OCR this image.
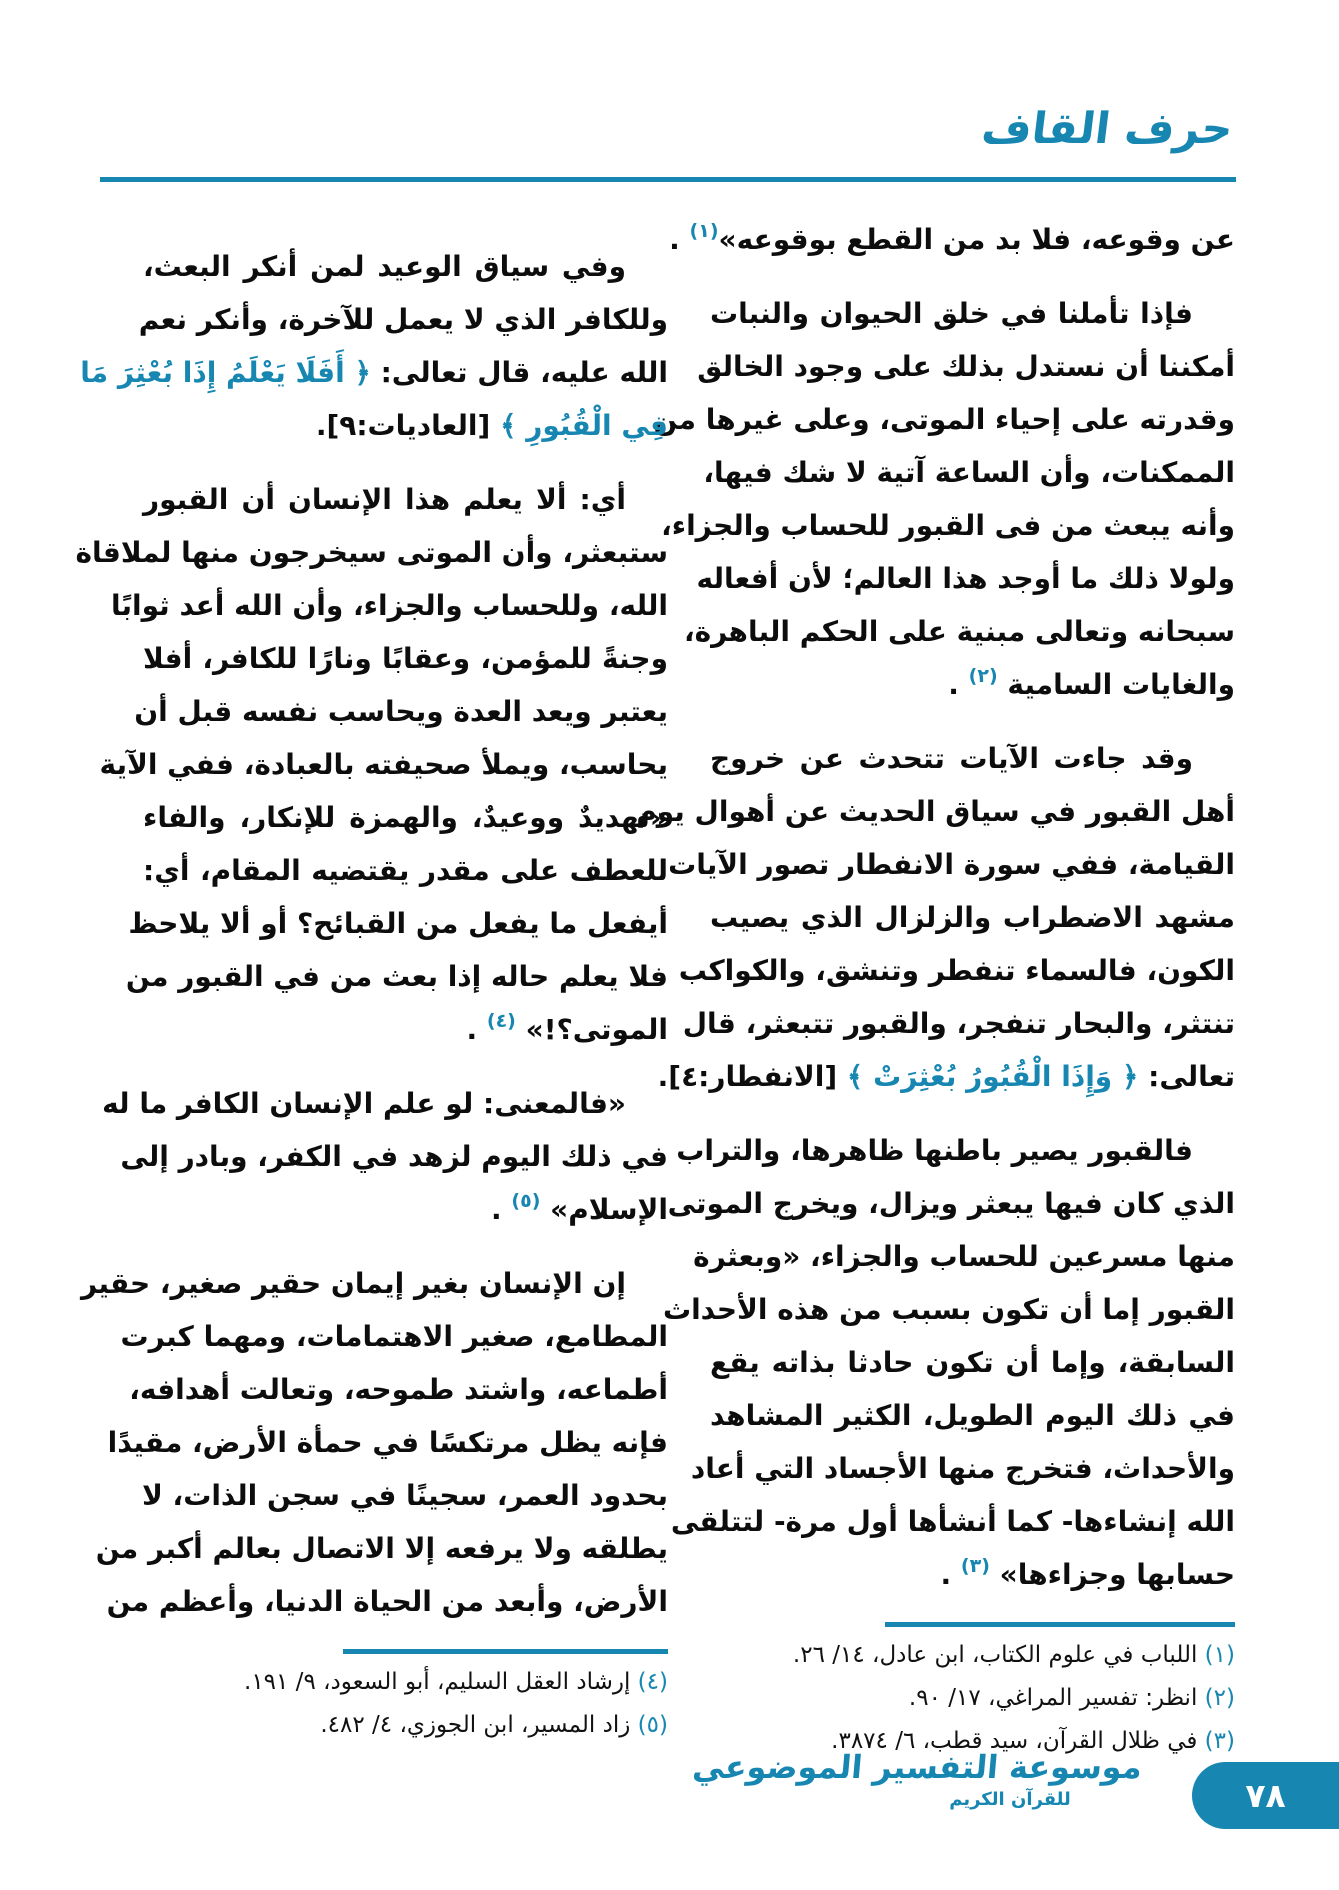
حرف القاف
عن وقوعه، فلا بد من القطع بوقوعه»$^{(١)}$ .
فإذا تأملنا في خلق الحيوان والنبات
أمكننا أن نستدل بذلك على وجود الخالق
وقدرته على إحياء الموتى، وعلى غيرها من
الممكنات، وأن الساعة آتية لا شك فيها،
وأنه يبعث من فى القبور للحساب والجزاء،
ولولا ذلك ما أوجد هذا العالم؛ لأن أفعاله
سبحانه وتعالى مبنية على الحكم الباهرة،
والغايات السامية $^{(٢)}$ .
وقد جاءت الآيات تتحدث عن خروج
أهل القبور في سياق الحديث عن أهوال يوم
القيامة، ففي سورة الانفطار تصور الآيات
مشهد الاضطراب والزلزال الذي يصيب
الكون، فالسماء تنفطر وتنشق، والكواكب
تنتثر، والبحار تنفجر، والقبور تتبعثر، قال
تعالى: ﴿ وَإِذَا الْقُبُورُ بُعْثِرَتْ ﴾ [الانفطار:٤].
فالقبور يصير باطنها ظاهرها، والتراب
الذي كان فيها يبعثر ويزال، ويخرج الموتى
منها مسرعين للحساب والجزاء، «وبعثرة
القبور إما أن تكون بسبب من هذه الأحداث
السابقة، وإما أن تكون حادثا بذاته يقع
في ذلك اليوم الطويل، الكثير المشاهد
والأحداث، فتخرج منها الأجساد التي أعاد
الله إنشاءها- كما أنشأها أول مرة- لتتلقى
حسابها وجزاءها» $^{(٣)}$ .
(١) اللباب في علوم الكتاب، ابن عادل، ١٤/ ٢٦.
(٢) انظر: تفسير المراغي، ١٧/ ٩٠.
(٣) في ظلال القرآن، سيد قطب، ٦/ ٣٨٧٤.
وفي سياق الوعيد لمن أنكر البعث،
وللكافر الذي لا يعمل للآخرة، وأنكر نعم
الله عليه، قال تعالى: ﴿ أَفَلَا يَعْلَمُ إِذَا بُعْثِرَ مَا
فِي الْقُبُورِ ﴾ [العاديات:٩].
أي: ألا يعلم هذا الإنسان أن القبور
ستبعثر، وأن الموتى سيخرجون منها لملاقاة
الله، وللحساب والجزاء، وأن الله أعد ثوابًا
وجنةً للمؤمن، وعقابًا ونارًا للكافر، أفلا
يعتبر ويعد العدة ويحاسب نفسه قبل أن
يحاسب، ويملأ صحيفته بالعبادة، ففي الآية
«تهديدٌ ووعيدٌ، والهمزة للإنكار، والفاء
للعطف على مقدر يقتضيه المقام، أي:
أيفعل ما يفعل من القبائح؟ أو ألا يلاحظ
فلا يعلم حاله إذا بعث من في القبور من
الموتى؟!» $^{(٤)}$ .
«فالمعنى: لو علم الإنسان الكافر ما له
في ذلك اليوم لزهد في الكفر، وبادر إلى
الإسلام» $^{(٥)}$ .
إن الإنسان بغير إيمان حقير صغير، حقير
المطامع، صغير الاهتمامات، ومهما كبرت
أطماعه، واشتد طموحه، وتعالت أهدافه،
فإنه يظل مرتكسًا في حمأة الأرض، مقيدًا
بحدود العمر، سجينًا في سجن الذات، لا
يطلقه ولا يرفعه إلا الاتصال بعالم أكبر من
الأرض، وأبعد من الحياة الدنيا، وأعظم من
(٤) إرشاد العقل السليم، أبو السعود، ٩/ ١٩١.
(٥) زاد المسير، ابن الجوزي، ٤/ ٤٨٢.
موسوعة التفسير الموضوعي
للقرآن الكريم	٧٨
